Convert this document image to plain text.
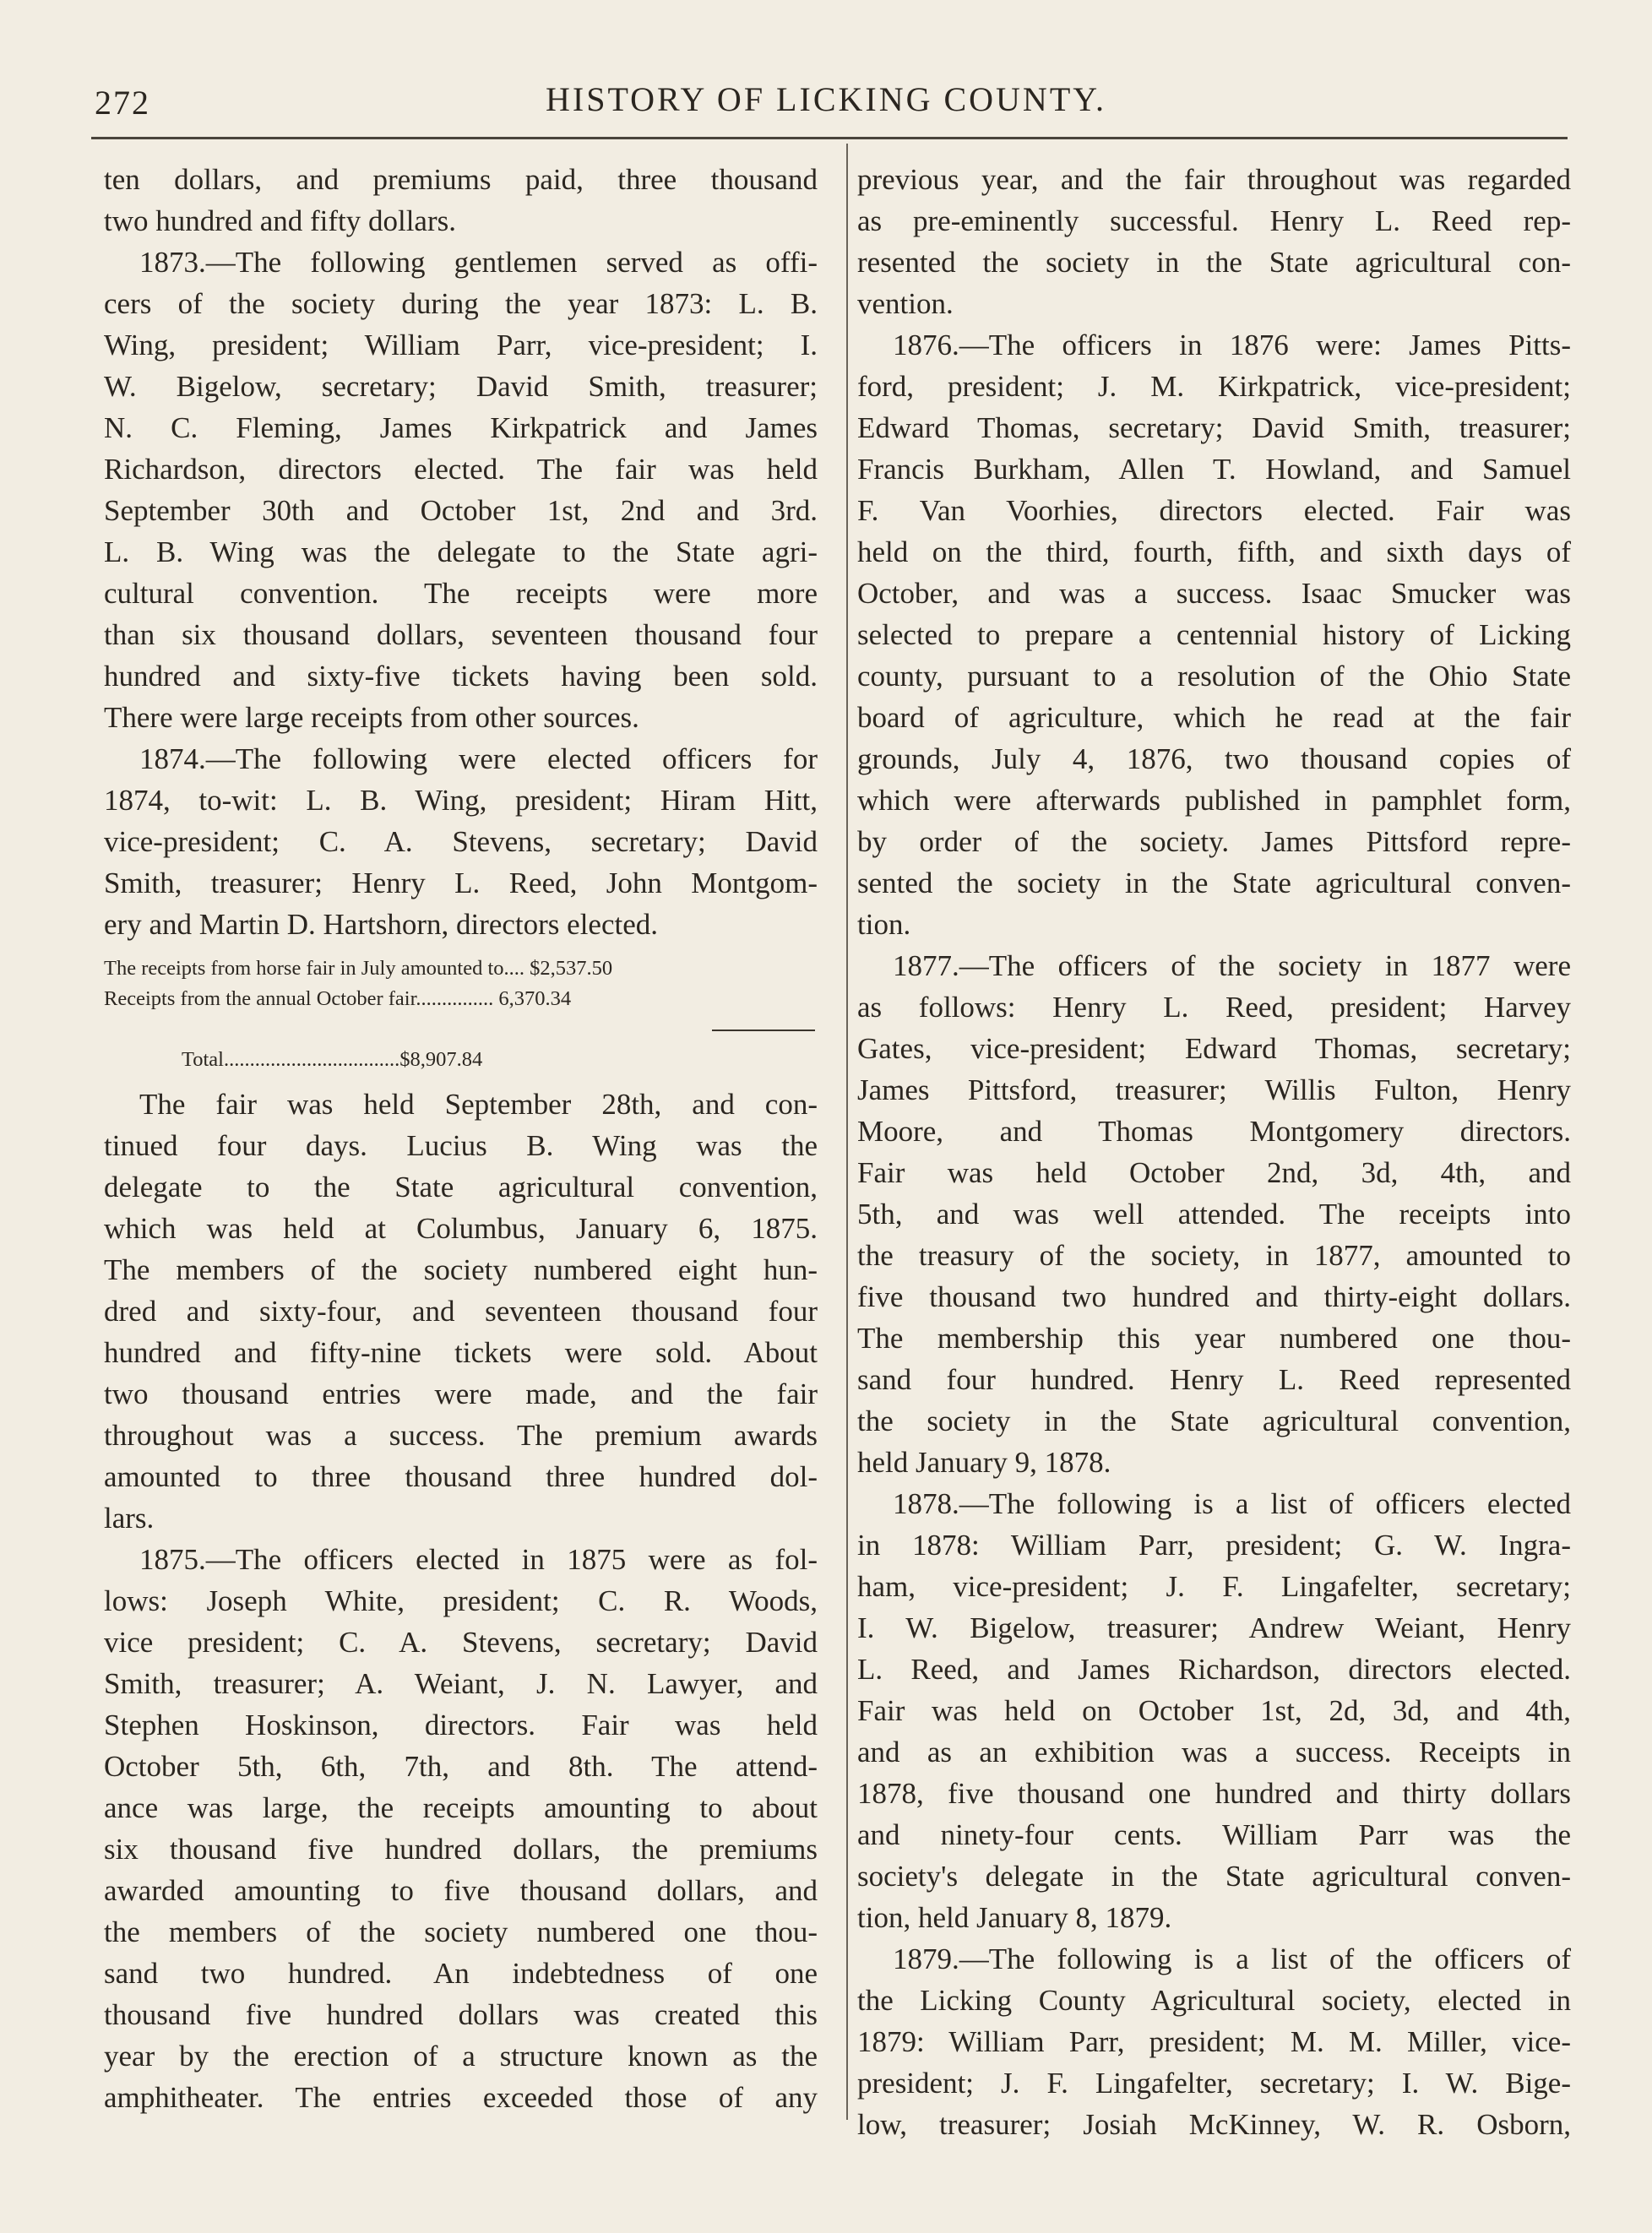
272	HISTORY OF LICKING COUNTY.
ten dollars, and premiums paid, three thousand
two hundred and fifty dollars.
1873.—The following gentlemen served as offi-
cers of the society during the year 1873: L. B.
Wing, president; William Parr, vice-president; I.
W. Bigelow, secretary; David Smith, treasurer;
N. C. Fleming, James Kirkpatrick and James
Richardson, directors elected. The fair was held
September 30th and October 1st, 2nd and 3rd.
L. B. Wing was the delegate to the State agri-
cultural convention. The receipts were more
than six thousand dollars, seventeen thousand four
hundred and sixty-five tickets having been sold.
There were large receipts from other sources.
1874.—The following were elected officers for
1874, to-wit: L. B. Wing, president; Hiram Hitt,
vice-president; C. A. Stevens, secretary; David
Smith, treasurer; Henry L. Reed, John Montgom-
ery and Martin D. Hartshorn, directors elected.
The receipts from horse fair in July amounted to.... $2,537.50
Receipts from the annual October fair............... 6,370.34
Total..................................$8,907.84
The fair was held September 28th, and con-
tinued four days. Lucius B. Wing was the
delegate to the State agricultural convention,
which was held at Columbus, January 6, 1875.
The members of the society numbered eight hun-
dred and sixty-four, and seventeen thousand four
hundred and fifty-nine tickets were sold. About
two thousand entries were made, and the fair
throughout was a success. The premium awards
amounted to three thousand three hundred dol-
lars.
1875.—The officers elected in 1875 were as fol-
lows: Joseph White, president; C. R. Woods,
vice president; C. A. Stevens, secretary; David
Smith, treasurer; A. Weiant, J. N. Lawyer, and
Stephen Hoskinson, directors. Fair was held
October 5th, 6th, 7th, and 8th. The attend-
ance was large, the receipts amounting to about
six thousand five hundred dollars, the premiums
awarded amounting to five thousand dollars, and
the members of the society numbered one thou-
sand two hundred. An indebtedness of one
thousand five hundred dollars was created this
year by the erection of a structure known as the
amphitheater. The entries exceeded those of any
previous year, and the fair throughout was regarded
as pre-eminently successful. Henry L. Reed rep-
resented the society in the State agricultural con-
vention.
1876.—The officers in 1876 were: James Pitts-
ford, president; J. M. Kirkpatrick, vice-president;
Edward Thomas, secretary; David Smith, treasurer;
Francis Burkham, Allen T. Howland, and Samuel
F. Van Voorhies, directors elected. Fair was
held on the third, fourth, fifth, and sixth days of
October, and was a success. Isaac Smucker was
selected to prepare a centennial history of Licking
county, pursuant to a resolution of the Ohio State
board of agriculture, which he read at the fair
grounds, July 4, 1876, two thousand copies of
which were afterwards published in pamphlet form,
by order of the society. James Pittsford repre-
sented the society in the State agricultural conven-
tion.
1877.—The officers of the society in 1877 were
as follows: Henry L. Reed, president; Harvey
Gates, vice-president; Edward Thomas, secretary;
James Pittsford, treasurer; Willis Fulton, Henry
Moore, and Thomas Montgomery directors.
Fair was held October 2nd, 3d, 4th, and
5th, and was well attended. The receipts into
the treasury of the society, in 1877, amounted to
five thousand two hundred and thirty-eight dollars.
The membership this year numbered one thou-
sand four hundred. Henry L. Reed represented
the society in the State agricultural convention,
held January 9, 1878.
1878.—The following is a list of officers elected
in 1878: William Parr, president; G. W. Ingra-
ham, vice-president; J. F. Lingafelter, secretary;
I. W. Bigelow, treasurer; Andrew Weiant, Henry
L. Reed, and James Richardson, directors elected.
Fair was held on October 1st, 2d, 3d, and 4th,
and as an exhibition was a success. Receipts in
1878, five thousand one hundred and thirty dollars
and ninety-four cents. William Parr was the
society's delegate in the State agricultural conven-
tion, held January 8, 1879.
1879.—The following is a list of the officers of
the Licking County Agricultural society, elected in
1879: William Parr, president; M. M. Miller, vice-
president; J. F. Lingafelter, secretary; I. W. Bige-
low, treasurer; Josiah McKinney, W. R. Osborn,
